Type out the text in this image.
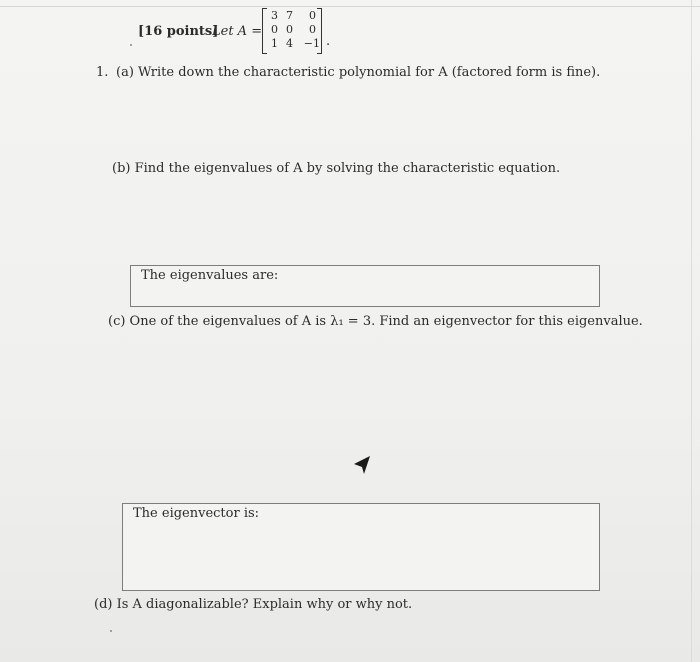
[16 points]
Let A =
3 7	0
0 0	0
1 4 −1 .
1. (a) Write down the characteristic polynomial for A (factored form is fine).
(b) Find the eigenvalues of A by solving the characteristic equation.
The eigenvalues are:
(c) One of the eigenvalues of A is λ₁ = 3. Find an eigenvector for this eigenvalue.
The eigenvector is:
(d) Is A diagonalizable? Explain why or why not.
